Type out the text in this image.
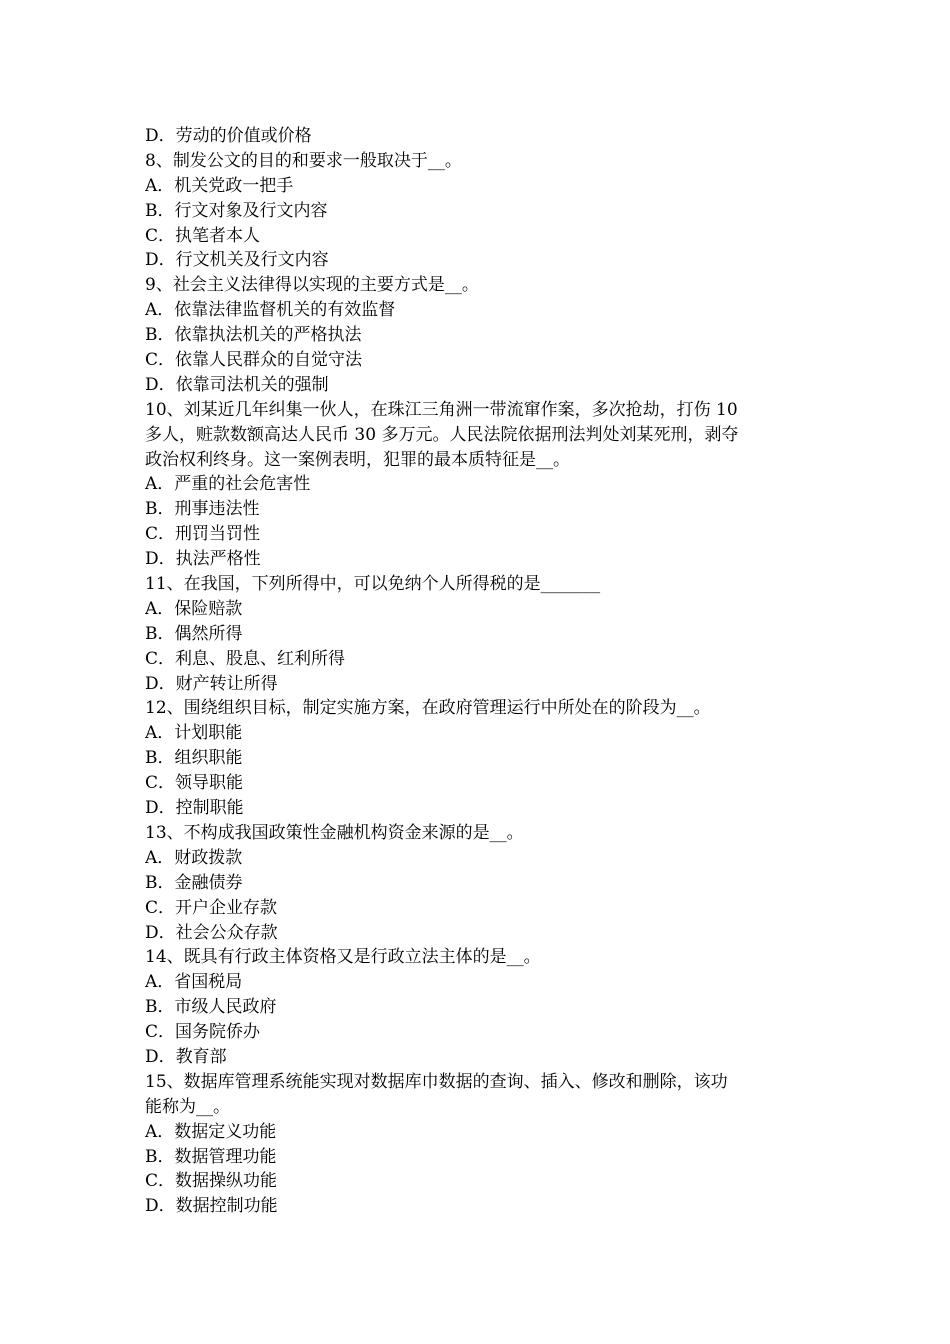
D．劳动的价值或价格
8、制发公文的目的和要求一般取决于__。
A．机关党政一把手
B．行文对象及行文内容
C．执笔者本人
D．行文机关及行文内容
9、社会主义法律得以实现的主要方式是__。
A．依靠法律监督机关的有效监督
B．依靠执法机关的严格执法
C．依靠人民群众的自觉守法
D．依靠司法机关的强制
10、刘某近几年纠集一伙人，在珠江三角洲一带流窜作案，多次抢劫，打伤 10
多人，赃款数额高达人民币 30 多万元。人民法院依据刑法判处刘某死刑，剥夺
政治权利终身。这一案例表明，犯罪的最本质特征是__。
A．严重的社会危害性
B．刑事违法性
C．刑罚当罚性
D．执法严格性
11、在我国，下列所得中，可以免纳个人所得税的是_______
A．保险赔款
B．偶然所得
C．利息、股息、红利所得
D．财产转让所得
12、围绕组织目标，制定实施方案，在政府管理运行中所处在的阶段为__。
A．计划职能
B．组织职能
C．领导职能
D．控制职能
13、不构成我国政策性金融机构资金来源的是__。
A．财政拨款
B．金融债券
C．开户企业存款
D．社会公众存款
14、既具有行政主体资格又是行政立法主体的是__。
A．省国税局
B．市级人民政府
C．国务院侨办
D．教育部
15、数据库管理系统能实现对数据库巾数据的查询、插入、修改和删除，该功
能称为__。
A．数据定义功能
B．数据管理功能
C．数据操纵功能
D．数据控制功能
